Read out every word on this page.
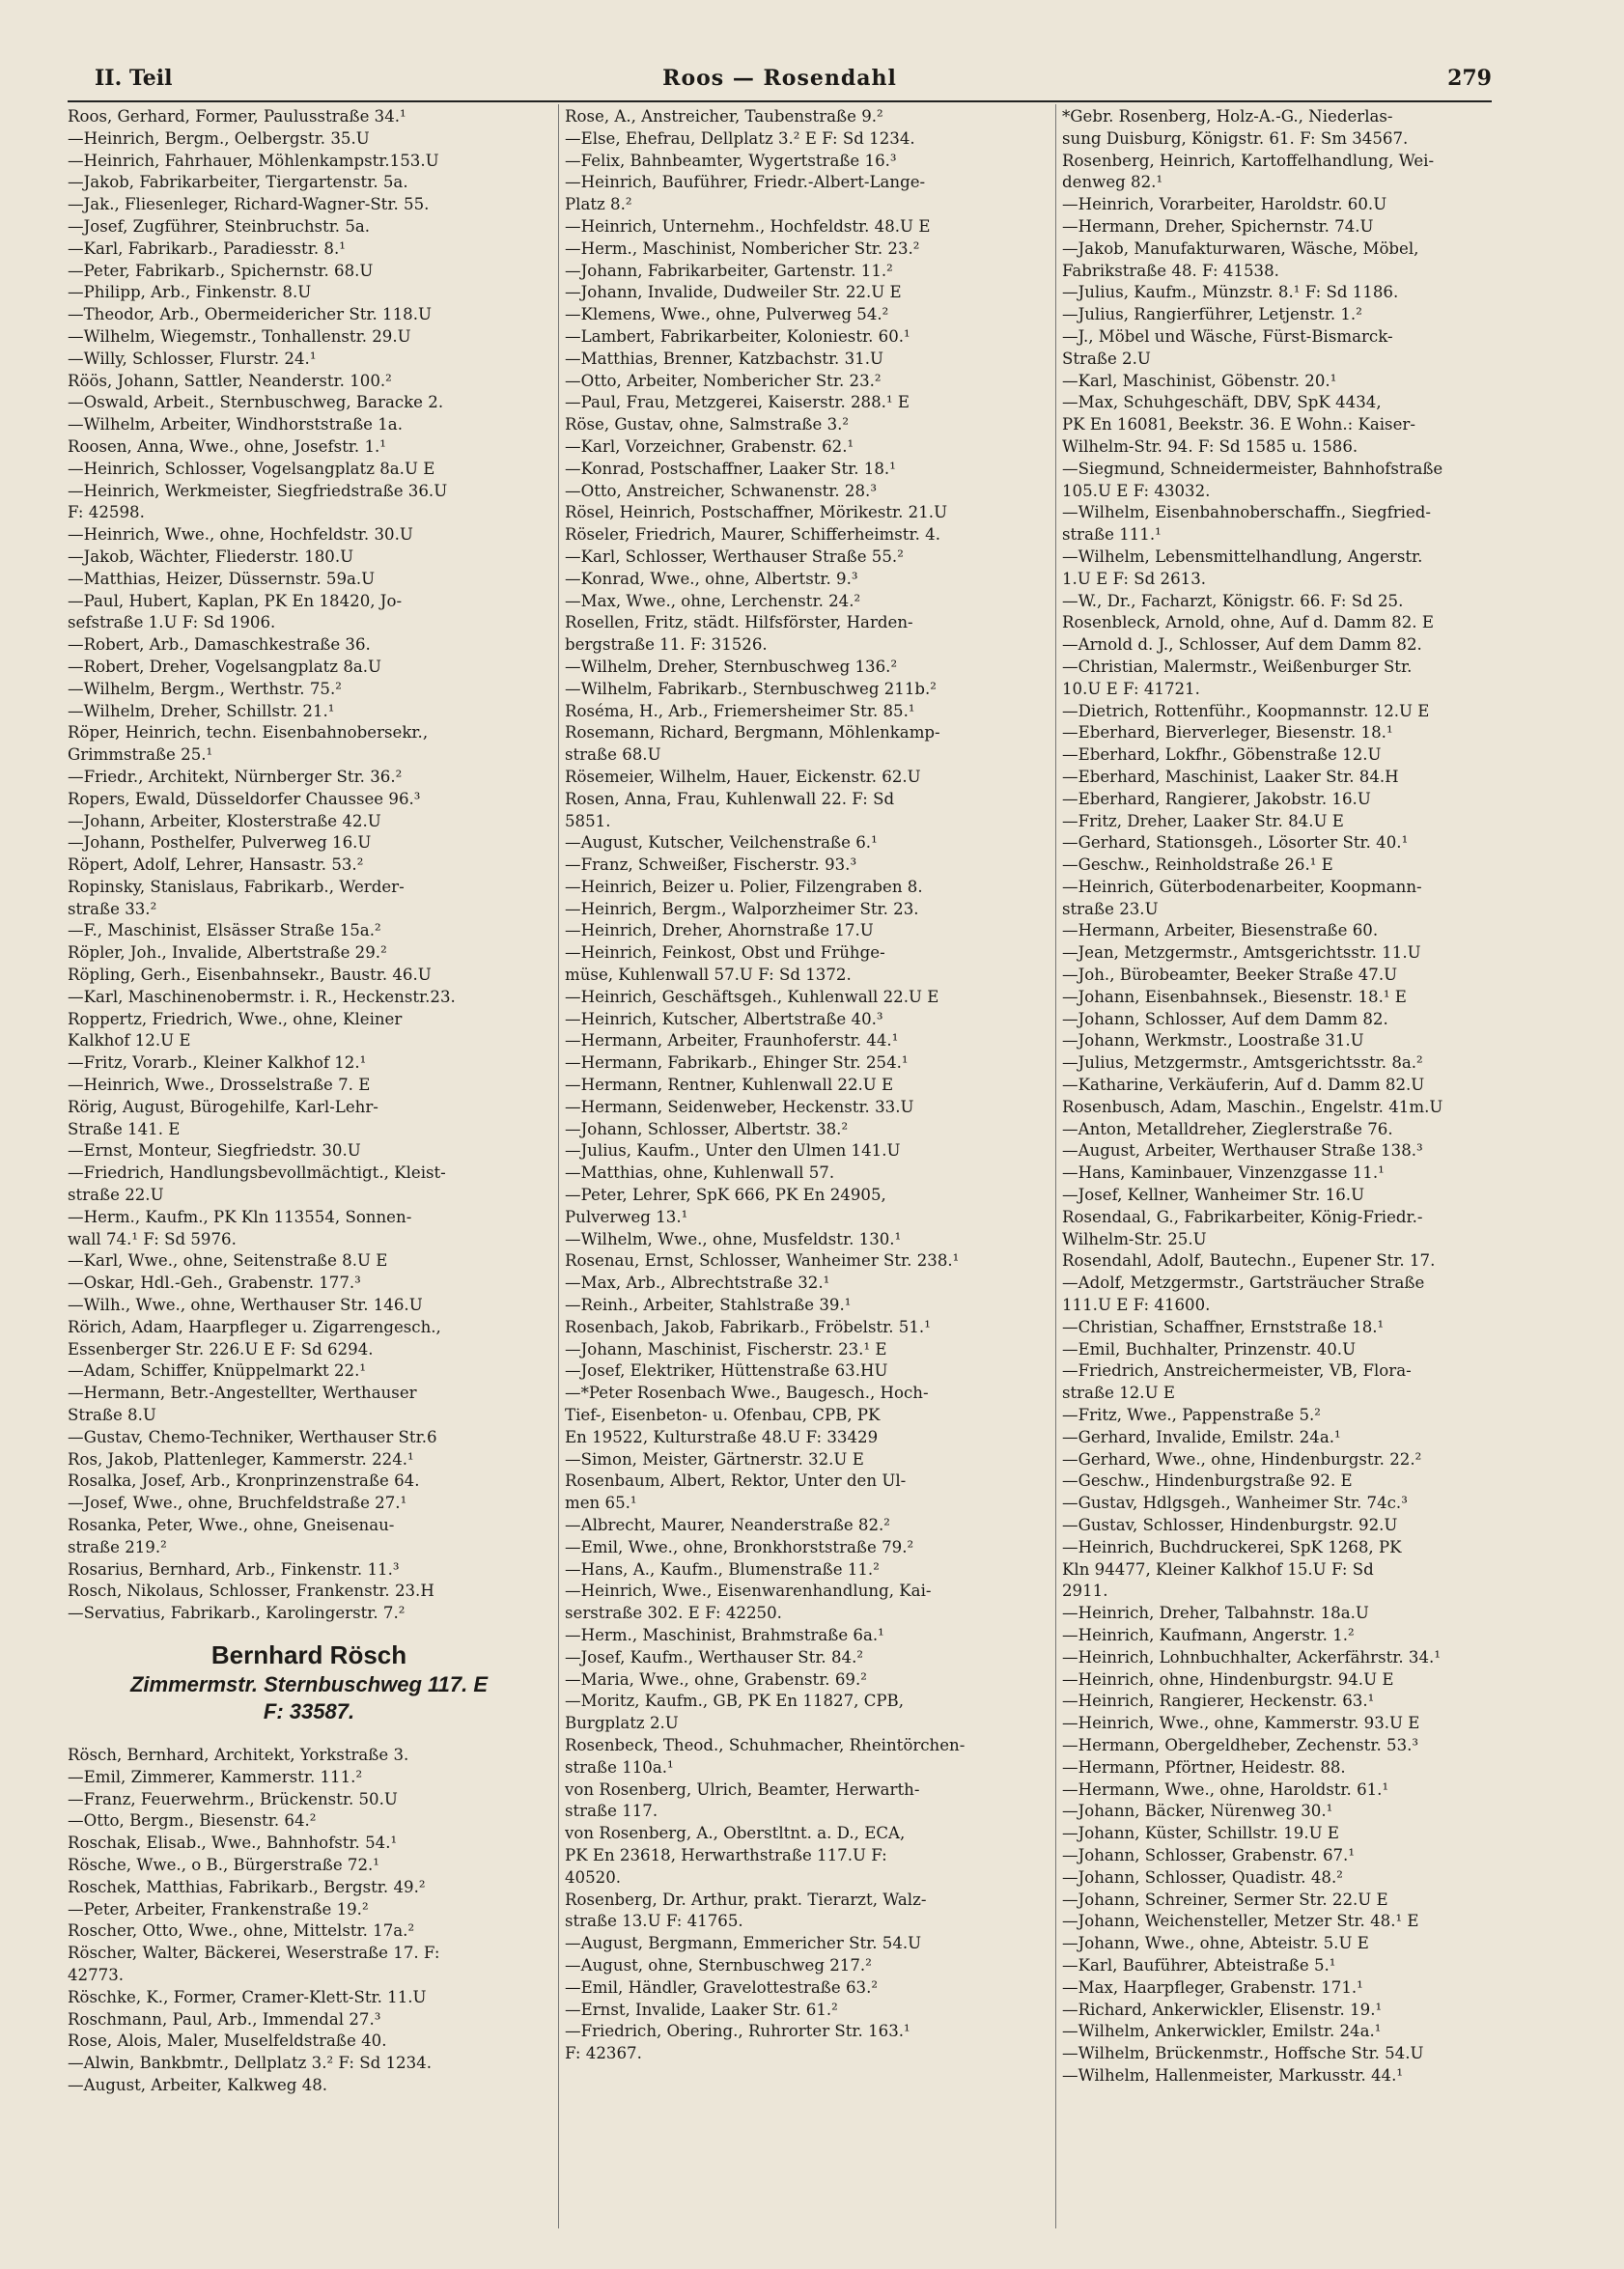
II. Teil	Roos — Rosendahl	279
Roos, Gerhard, Former, Paulusstraße 34.¹
—Heinrich, Bergm., Oelbergstr. 35.U
—Heinrich, Fahrhauer, Möhlenkampstr.153.U
—Jakob, Fabrikarbeiter, Tiergartenstr. 5a.
—Jak., Fliesenleger, Richard-Wagner-Str. 55.
—Josef, Zugführer, Steinbruchstr. 5a.
—Karl, Fabrikarb., Paradiesstr. 8.¹
—Peter, Fabrikarb., Spichernstr. 68.U
—Philipp, Arb., Finkenstr. 8.U
—Theodor, Arb., Obermeidericher Str. 118.U
—Wilhelm, Wiegemstr., Tonhallenstr. 29.U
—Willy, Schlosser, Flurstr. 24.¹
Röös, Johann, Sattler, Neanderstr. 100.²
—Oswald, Arbeit., Sternbuschweg, Baracke 2.
—Wilhelm, Arbeiter, Windhorststraße 1a.
Roosen, Anna, Wwe., ohne, Josefstr. 1.¹
—Heinrich, Schlosser, Vogelsangplatz 8a.U E
—Heinrich, Werkmeister, Siegfriedstraße 36.U
F: 42598.
—Heinrich, Wwe., ohne, Hochfeldstr. 30.U
—Jakob, Wächter, Fliederstr. 180.U
—Matthias, Heizer, Düssernstr. 59a.U
—Paul, Hubert, Kaplan, PK En 18420, Jo-
sefstraße 1.U F: Sd 1906.
—Robert, Arb., Damaschkestraße 36.
—Robert, Dreher, Vogelsangplatz 8a.U
—Wilhelm, Bergm., Werthstr. 75.²
—Wilhelm, Dreher, Schillstr. 21.¹
Röper, Heinrich, techn. Eisenbahnobersekr.,
Grimmstraße 25.¹
—Friedr., Architekt, Nürnberger Str. 36.²
Ropers, Ewald, Düsseldorfer Chaussee 96.³
—Johann, Arbeiter, Klosterstraße 42.U
—Johann, Posthelfer, Pulverweg 16.U
Röpert, Adolf, Lehrer, Hansastr. 53.²
Ropinsky, Stanislaus, Fabrikarb., Werder-
straße 33.²
—F., Maschinist, Elsässer Straße 15a.²
Röpler, Joh., Invalide, Albertstraße 29.²
Röpling, Gerh., Eisenbahnsekr., Baustr. 46.U
—Karl, Maschinenobermstr. i. R., Heckenstr.23.
Roppertz, Friedrich, Wwe., ohne, Kleiner
Kalkhof 12.U E
—Fritz, Vorarb., Kleiner Kalkhof 12.¹
—Heinrich, Wwe., Drosselstraße 7. E
Rörig, August, Bürogehilfe, Karl-Lehr-
Straße 141. E
—Ernst, Monteur, Siegfriedstr. 30.U
—Friedrich, Handlungsbevollmächtigt., Kleist-
straße 22.U
—Herm., Kaufm., PK Kln 113554, Sonnen-
wall 74.¹ F: Sd 5976.
—Karl, Wwe., ohne, Seitenstraße 8.U E
—Oskar, Hdl.-Geh., Grabenstr. 177.³
—Wilh., Wwe., ohne, Werthauser Str. 146.U
Rörich, Adam, Haarpfleger u. Zigarrengesch.,
Essenberger Str. 226.U E F: Sd 6294.
—Adam, Schiffer, Knüppelmarkt 22.¹
—Hermann, Betr.-Angestellter, Werthauser
Straße 8.U
—Gustav, Chemo-Techniker, Werthauser Str.6
Ros, Jakob, Plattenleger, Kammerstr. 224.¹
Rosalka, Josef, Arb., Kronprinzenstraße 64.
—Josef, Wwe., ohne, Bruchfeldstraße 27.¹
Rosanka, Peter, Wwe., ohne, Gneisenau-
straße 219.²
Rosarius, Bernhard, Arb., Finkenstr. 11.³
Rosch, Nikolaus, Schlosser, Frankenstr. 23.H
—Servatius, Fabrikarb., Karolingerstr. 7.²
Bernhard Rösch
Zimmermstr. Sternbuschweg 117. E
F: 33587.
Rösch, Bernhard, Architekt, Yorkstraße 3.
—Emil, Zimmerer, Kammerstr. 111.²
—Franz, Feuerwehrm., Brückenstr. 50.U
—Otto, Bergm., Biesenstr. 64.²
Roschak, Elisab., Wwe., Bahnhofstr. 54.¹
Rösche, Wwe., o B., Bürgerstraße 72.¹
Roschek, Matthias, Fabrikarb., Bergstr. 49.²
—Peter, Arbeiter, Frankenstraße 19.²
Roscher, Otto, Wwe., ohne, Mittelstr. 17a.²
Röscher, Walter, Bäckerei, Weserstraße 17. F:
42773.
Röschke, K., Former, Cramer-Klett-Str. 11.U
Roschmann, Paul, Arb., Immendal 27.³
Rose, Alois, Maler, Muselfeldstraße 40.
—Alwin, Bankbmtr., Dellplatz 3.² F: Sd 1234.
—August, Arbeiter, Kalkweg 48.
Rose, A., Anstreicher, Taubenstraße 9.²
—Else, Ehefrau, Dellplatz 3.² E F: Sd 1234.
—Felix, Bahnbeamter, Wygertstraße 16.³
—Heinrich, Bauführer, Friedr.-Albert-Lange-
Platz 8.²
—Heinrich, Unternehm., Hochfeldstr. 48.U E
—Herm., Maschinist, Nombericher Str. 23.²
—Johann, Fabrikarbeiter, Gartenstr. 11.²
—Johann, Invalide, Dudweiler Str. 22.U E
—Klemens, Wwe., ohne, Pulverweg 54.²
—Lambert, Fabrikarbeiter, Koloniestr. 60.¹
—Matthias, Brenner, Katzbachstr. 31.U
—Otto, Arbeiter, Nombericher Str. 23.²
—Paul, Frau, Metzgerei, Kaiserstr. 288.¹ E
Röse, Gustav, ohne, Salmstraße 3.²
—Karl, Vorzeichner, Grabenstr. 62.¹
—Konrad, Postschaffner, Laaker Str. 18.¹
—Otto, Anstreicher, Schwanenstr. 28.³
Rösel, Heinrich, Postschaffner, Mörikestr. 21.U
Röseler, Friedrich, Maurer, Schifferheimstr. 4.
—Karl, Schlosser, Werthauser Straße 55.²
—Konrad, Wwe., ohne, Albertstr. 9.³
—Max, Wwe., ohne, Lerchenstr. 24.²
Rosellen, Fritz, städt. Hilfsförster, Harden-
bergstraße 11. F: 31526.
—Wilhelm, Dreher, Sternbuschweg 136.²
—Wilhelm, Fabrikarb., Sternbuschweg 211b.²
Roséma, H., Arb., Friemersheimer Str. 85.¹
Rosemann, Richard, Bergmann, Möhlenkamp-
straße 68.U
Rösemeier, Wilhelm, Hauer, Eickenstr. 62.U
Rosen, Anna, Frau, Kuhlenwall 22. F: Sd
5851.
—August, Kutscher, Veilchenstraße 6.¹
—Franz, Schweißer, Fischerstr. 93.³
—Heinrich, Beizer u. Polier, Filzengraben 8.
—Heinrich, Bergm., Walporzheimer Str. 23.
—Heinrich, Dreher, Ahornstraße 17.U
—Heinrich, Feinkost, Obst und Frühge-
müse, Kuhlenwall 57.U F: Sd 1372.
—Heinrich, Geschäftsgeh., Kuhlenwall 22.U E
—Heinrich, Kutscher, Albertstraße 40.³
—Hermann, Arbeiter, Fraunhoferstr. 44.¹
—Hermann, Fabrikarb., Ehinger Str. 254.¹
—Hermann, Rentner, Kuhlenwall 22.U E
—Hermann, Seidenweber, Heckenstr. 33.U
—Johann, Schlosser, Albertstr. 38.²
—Julius, Kaufm., Unter den Ulmen 141.U
—Matthias, ohne, Kuhlenwall 57.
—Peter, Lehrer, SpK 666, PK En 24905,
Pulverweg 13.¹
—Wilhelm, Wwe., ohne, Musfeldstr. 130.¹
Rosenau, Ernst, Schlosser, Wanheimer Str. 238.¹
—Max, Arb., Albrechtstraße 32.¹
—Reinh., Arbeiter, Stahlstraße 39.¹
Rosenbach, Jakob, Fabrikarb., Fröbelstr. 51.¹
—Johann, Maschinist, Fischerstr. 23.¹ E
—Josef, Elektriker, Hüttenstraße 63.HU
—*Peter Rosenbach Wwe., Baugesch., Hoch-
Tief-, Eisenbeton- u. Ofenbau, CPB, PK
En 19522, Kulturstraße 48.U F: 33429
—Simon, Meister, Gärtnerstr. 32.U E
Rosenbaum, Albert, Rektor, Unter den Ul-
men 65.¹
—Albrecht, Maurer, Neanderstraße 82.²
—Emil, Wwe., ohne, Bronkhorststraße 79.²
—Hans, A., Kaufm., Blumenstraße 11.²
—Heinrich, Wwe., Eisenwarenhandlung, Kai-
serstraße 302. E F: 42250.
—Herm., Maschinist, Brahmstraße 6a.¹
—Josef, Kaufm., Werthauser Str. 84.²
—Maria, Wwe., ohne, Grabenstr. 69.²
—Moritz, Kaufm., GB, PK En 11827, CPB,
Burgplatz 2.U
Rosenbeck, Theod., Schuhmacher, Rheintörchen-
straße 110a.¹
von Rosenberg, Ulrich, Beamter, Herwarth-
straße 117.
von Rosenberg, A., Oberstltnt. a. D., ECA,
PK En 23618, Herwarthstraße 117.U F:
40520.
Rosenberg, Dr. Arthur, prakt. Tierarzt, Walz-
straße 13.U F: 41765.
—August, Bergmann, Emmericher Str. 54.U
—August, ohne, Sternbuschweg 217.²
—Emil, Händler, Gravelottestraße 63.²
—Ernst, Invalide, Laaker Str. 61.²
—Friedrich, Obering., Ruhrorter Str. 163.¹
F: 42367.
*Gebr. Rosenberg, Holz-A.-G., Niederlas-
sung Duisburg, Königstr. 61. F: Sm 34567.
Rosenberg, Heinrich, Kartoffelhandlung, Wei-
denweg 82.¹
—Heinrich, Vorarbeiter, Haroldstr. 60.U
—Hermann, Dreher, Spichernstr. 74.U
—Jakob, Manufakturwaren, Wäsche, Möbel,
Fabrikstraße 48. F: 41538.
—Julius, Kaufm., Münzstr. 8.¹ F: Sd 1186.
—Julius, Rangierführer, Letjenstr. 1.²
—J., Möbel und Wäsche, Fürst-Bismarck-
Straße 2.U
—Karl, Maschinist, Göbenstr. 20.¹
—Max, Schuhgeschäft, DBV, SpK 4434,
PK En 16081, Beekstr. 36. E Wohn.: Kaiser-
Wilhelm-Str. 94. F: Sd 1585 u. 1586.
—Siegmund, Schneidermeister, Bahnhofstraße
105.U E F: 43032.
—Wilhelm, Eisenbahnoberschaffn., Siegfried-
straße 111.¹
—Wilhelm, Lebensmittelhandlung, Angerstr.
1.U E F: Sd 2613.
—W., Dr., Facharzt, Königstr. 66. F: Sd 25.
Rosenbleck, Arnold, ohne, Auf d. Damm 82. E
—Arnold d. J., Schlosser, Auf dem Damm 82.
—Christian, Malermstr., Weißenburger Str.
10.U E F: 41721.
—Dietrich, Rottenführ., Koopmannstr. 12.U E
—Eberhard, Bierverleger, Biesenstr. 18.¹
—Eberhard, Lokfhr., Göbenstraße 12.U
—Eberhard, Maschinist, Laaker Str. 84.H
—Eberhard, Rangierer, Jakobstr. 16.U
—Fritz, Dreher, Laaker Str. 84.U E
—Gerhard, Stationsgeh., Lösorter Str. 40.¹
—Geschw., Reinholdstraße 26.¹ E
—Heinrich, Güterbodenarbeiter, Koopmann-
straße 23.U
—Hermann, Arbeiter, Biesenstraße 60.
—Jean, Metzgermstr., Amtsgerichtsstr. 11.U
—Joh., Bürobeamter, Beeker Straße 47.U
—Johann, Eisenbahnsek., Biesenstr. 18.¹ E
—Johann, Schlosser, Auf dem Damm 82.
—Johann, Werkmstr., Loostraße 31.U
—Julius, Metzgermstr., Amtsgerichtsstr. 8a.²
—Katharine, Verkäuferin, Auf d. Damm 82.U
Rosenbusch, Adam, Maschin., Engelstr. 41m.U
—Anton, Metalldreher, Zieglerstraße 76.
—August, Arbeiter, Werthauser Straße 138.³
—Hans, Kaminbauer, Vinzenzgasse 11.¹
—Josef, Kellner, Wanheimer Str. 16.U
Rosendaal, G., Fabrikarbeiter, König-Friedr.-
Wilhelm-Str. 25.U
Rosendahl, Adolf, Bautechn., Eupener Str. 17.
—Adolf, Metzgermstr., Gartsträucher Straße
111.U E F: 41600.
—Christian, Schaffner, Ernststraße 18.¹
—Emil, Buchhalter, Prinzenstr. 40.U
—Friedrich, Anstreichermeister, VB, Flora-
straße 12.U E
—Fritz, Wwe., Pappenstraße 5.²
—Gerhard, Invalide, Emilstr. 24a.¹
—Gerhard, Wwe., ohne, Hindenburgstr. 22.²
—Geschw., Hindenburgstraße 92. E
—Gustav, Hdlgsgeh., Wanheimer Str. 74c.³
—Gustav, Schlosser, Hindenburgstr. 92.U
—Heinrich, Buchdruckerei, SpK 1268, PK
Kln 94477, Kleiner Kalkhof 15.U F: Sd
2911.
—Heinrich, Dreher, Talbahnstr. 18a.U
—Heinrich, Kaufmann, Angerstr. 1.²
—Heinrich, Lohnbuchhalter, Ackerfährstr. 34.¹
—Heinrich, ohne, Hindenburgstr. 94.U E
—Heinrich, Rangierer, Heckenstr. 63.¹
—Heinrich, Wwe., ohne, Kammerstr. 93.U E
—Hermann, Obergeldheber, Zechenstr. 53.³
—Hermann, Pförtner, Heidestr. 88.
—Hermann, Wwe., ohne, Haroldstr. 61.¹
—Johann, Bäcker, Nürenweg 30.¹
—Johann, Küster, Schillstr. 19.U E
—Johann, Schlosser, Grabenstr. 67.¹
—Johann, Schlosser, Quadistr. 48.²
—Johann, Schreiner, Sermer Str. 22.U E
—Johann, Weichensteller, Metzer Str. 48.¹ E
—Johann, Wwe., ohne, Abteistr. 5.U E
—Karl, Bauführer, Abteistraße 5.¹
—Max, Haarpfleger, Grabenstr. 171.¹
—Richard, Ankerwickler, Elisenstr. 19.¹
—Wilhelm, Ankerwickler, Emilstr. 24a.¹
—Wilhelm, Brückenmstr., Hoffsche Str. 54.U
—Wilhelm, Hallenmeister, Markusstr. 44.¹
